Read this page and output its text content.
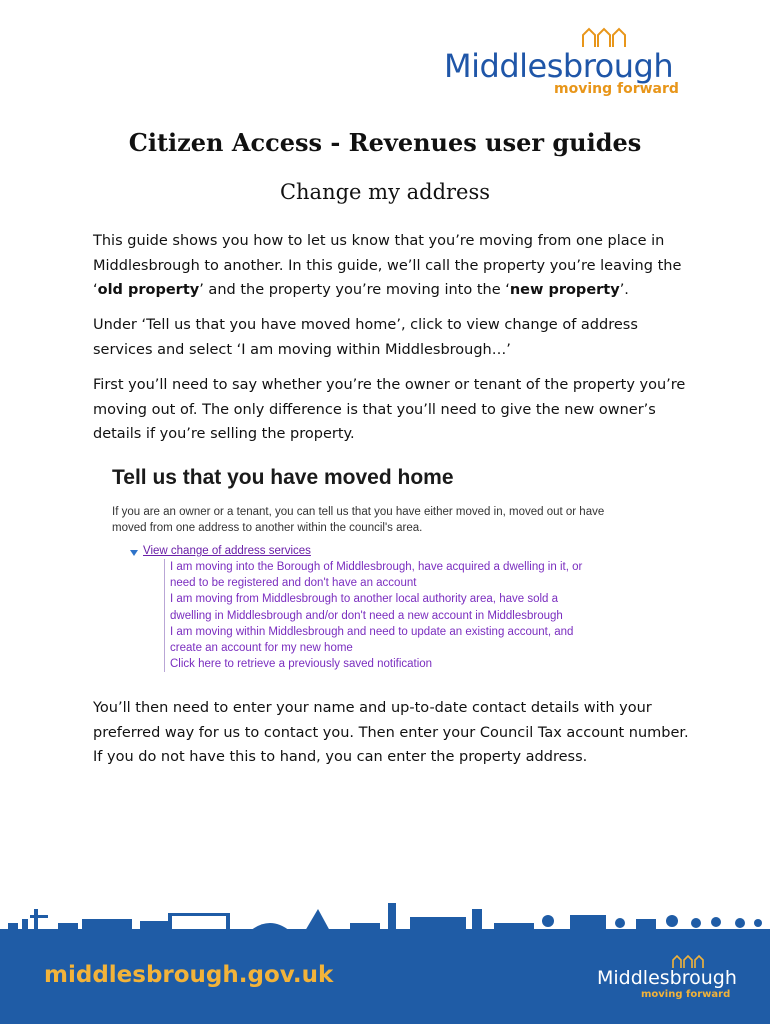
Middlesbrough
moving forward
Citizen Access - Revenues user guides
Change my address

This guide shows you how to let us know that you’re moving from one place in Middlesbrough to another. In this guide, we’ll call the property you’re leaving the ‘old property’ and the property you’re moving into the ‘new property’.

Under ‘Tell us that you have moved home’, click to view change of address services and select ‘I am moving within Middlesbrough…’

First you’ll need to say whether you’re the owner or tenant of the property you’re moving out of. The only difference is that you’ll need to give the new owner’s details if you’re selling the property.

Tell us that you have moved home
If you are an owner or a tenant, you can tell us that you have either moved in, moved out or have moved from one address to another within the council's area.
View change of address services
I am moving into the Borough of Middlesbrough, have acquired a dwelling in it, or
need to be registered and don't have an account
I am moving from Middlesbrough to another local authority area, have sold a
dwelling in Middlesbrough and/or don't need a new account in Middlesbrough
I am moving within Middlesbrough and need to update an existing account, and
create an account for my new home
Click here to retrieve a previously saved notification

You’ll then need to enter your name and up-to-date contact details with your preferred way for us to contact you. Then enter your Council Tax account number. If you do not have this to hand, you can enter the property address.

middlesbrough.gov.uk	Middlesbrough
moving forward
